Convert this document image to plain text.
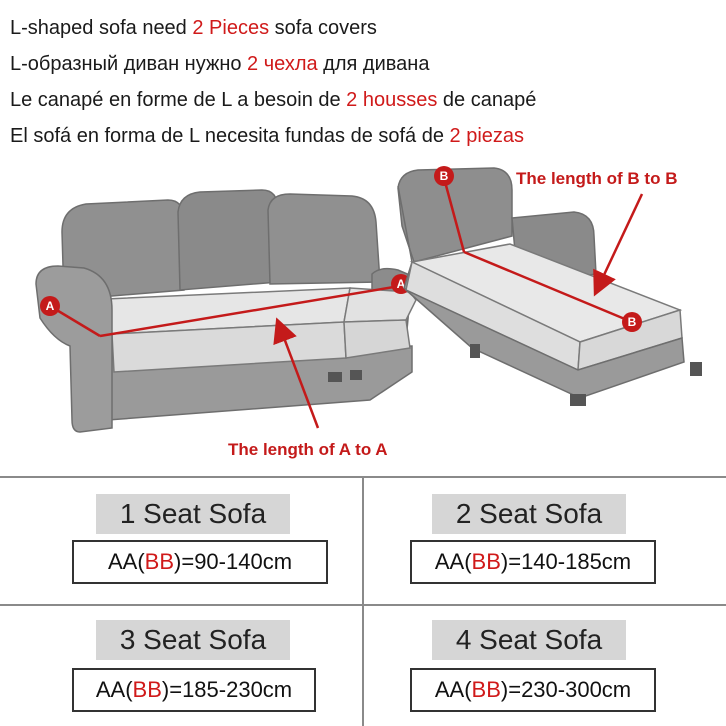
L-shaped sofa need 2 Pieces sofa covers
L-образный диван нужно 2 чехла для дивана
Le canapé en forme de L a besoin de 2 housses de canapé
El sofá en forma de L necesita fundas de sofá de 2 piezas
A
A
B
B
The length of B to B
The length of A to A
1 Seat Sofa
AA(BB)=90-140cm
2 Seat Sofa
AA(BB)=140-185cm
3 Seat Sofa
AA(BB)=185-230cm
4 Seat Sofa
AA(BB)=230-300cm
